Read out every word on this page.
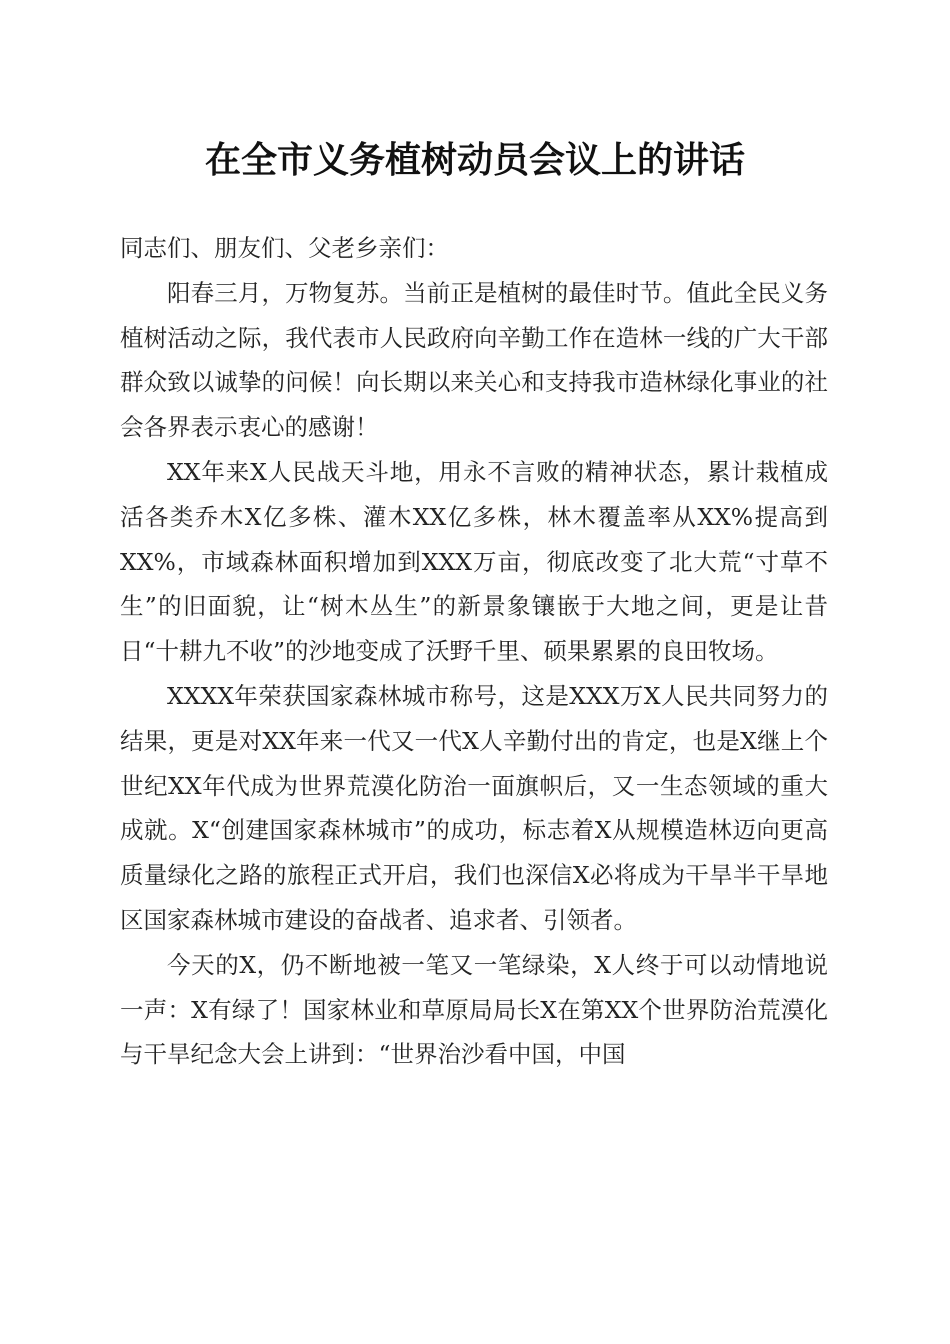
在全市义务植树动员会议上的讲话

同志们、朋友们、父老乡亲们：

阳春三月，万物复苏。当前正是植树的最佳时节。值此全民义务植树活动之际，我代表市人民政府向辛勤工作在造林一线的广大干部群众致以诚挚的问候！向长期以来关心和支持我市造林绿化事业的社会各界表示衷心的感谢！

XX年来X人民战天斗地，用永不言败的精神状态，累计栽植成活各类乔木X亿多株、灌木XX亿多株，林木覆盖率从XX%提高到XX%，市域森林面积增加到XXX万亩，彻底改变了北大荒“寸草不生”的旧面貌，让“树木丛生”的新景象镶嵌于大地之间，更是让昔日“十耕九不收”的沙地变成了沃野千里、硕果累累的良田牧场。

XXXX年荣获国家森林城市称号，这是XXX万X人民共同努力的结果，更是对XX年来一代又一代X人辛勤付出的肯定，也是X继上个世纪XX年代成为世界荒漠化防治一面旗帜后，又一生态领域的重大成就。X“创建国家森林城市”的成功，标志着X从规模造林迈向更高质量绿化之路的旅程正式开启，我们也深信X必将成为干旱半干旱地区国家森林城市建设的奋战者、追求者、引领者。

今天的X，仍不断地被一笔又一笔绿染，X人终于可以动情地说一声：X有绿了！国家林业和草原局局长X在第XX个世界防治荒漠化与干旱纪念大会上讲到：“世界治沙看中国，中国
